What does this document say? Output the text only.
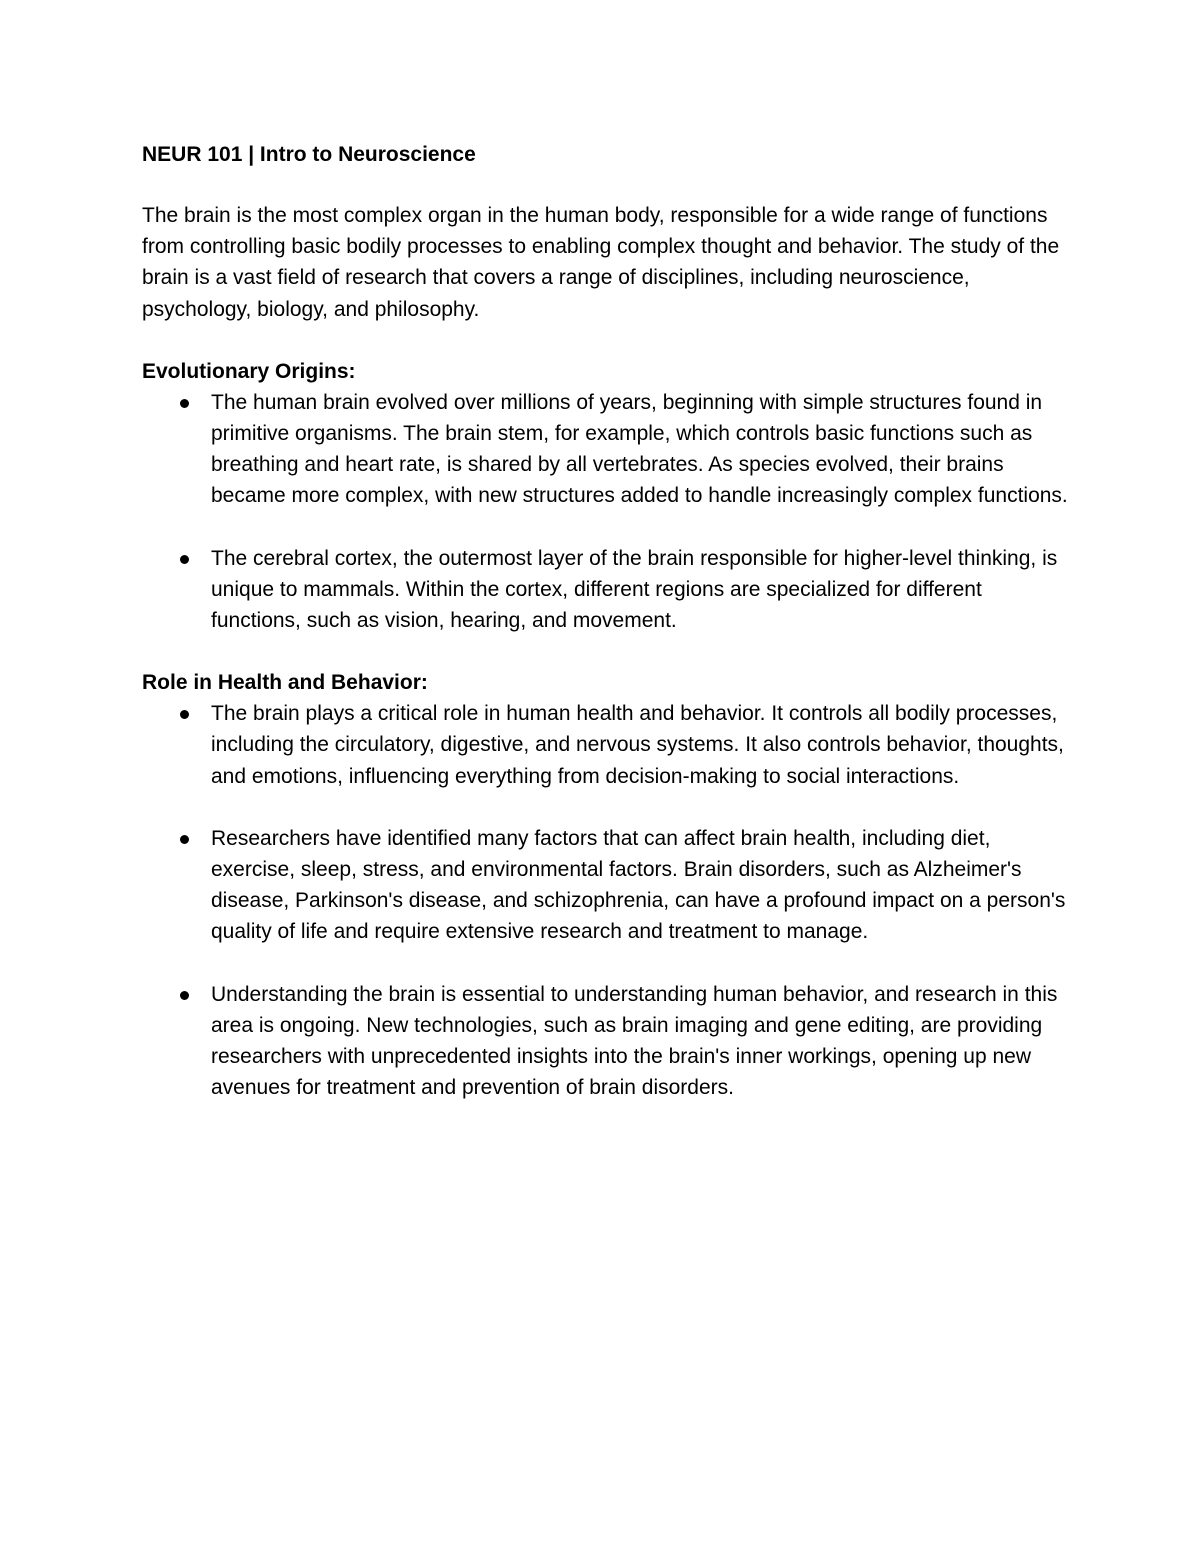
NEUR 101 | Intro to Neuroscience

The brain is the most complex organ in the human body, responsible for a wide range of functions from controlling basic bodily processes to enabling complex thought and behavior. The study of the brain is a vast field of research that covers a range of disciplines, including neuroscience, psychology, biology, and philosophy.

Evolutionary Origins:
The human brain evolved over millions of years, beginning with simple structures found in primitive organisms. The brain stem, for example, which controls basic functions such as breathing and heart rate, is shared by all vertebrates. As species evolved, their brains became more complex, with new structures added to handle increasingly complex functions.
The cerebral cortex, the outermost layer of the brain responsible for higher-level thinking, is unique to mammals. Within the cortex, different regions are specialized for different functions, such as vision, hearing, and movement.
Role in Health and Behavior:
The brain plays a critical role in human health and behavior. It controls all bodily processes, including the circulatory, digestive, and nervous systems. It also controls behavior, thoughts, and emotions, influencing everything from decision-making to social interactions.
Researchers have identified many factors that can affect brain health, including diet, exercise, sleep, stress, and environmental factors. Brain disorders, such as Alzheimer's disease, Parkinson's disease, and schizophrenia, can have a profound impact on a person's quality of life and require extensive research and treatment to manage.
Understanding the brain is essential to understanding human behavior, and research in this area is ongoing. New technologies, such as brain imaging and gene editing, are providing researchers with unprecedented insights into the brain's inner workings, opening up new avenues for treatment and prevention of brain disorders.
